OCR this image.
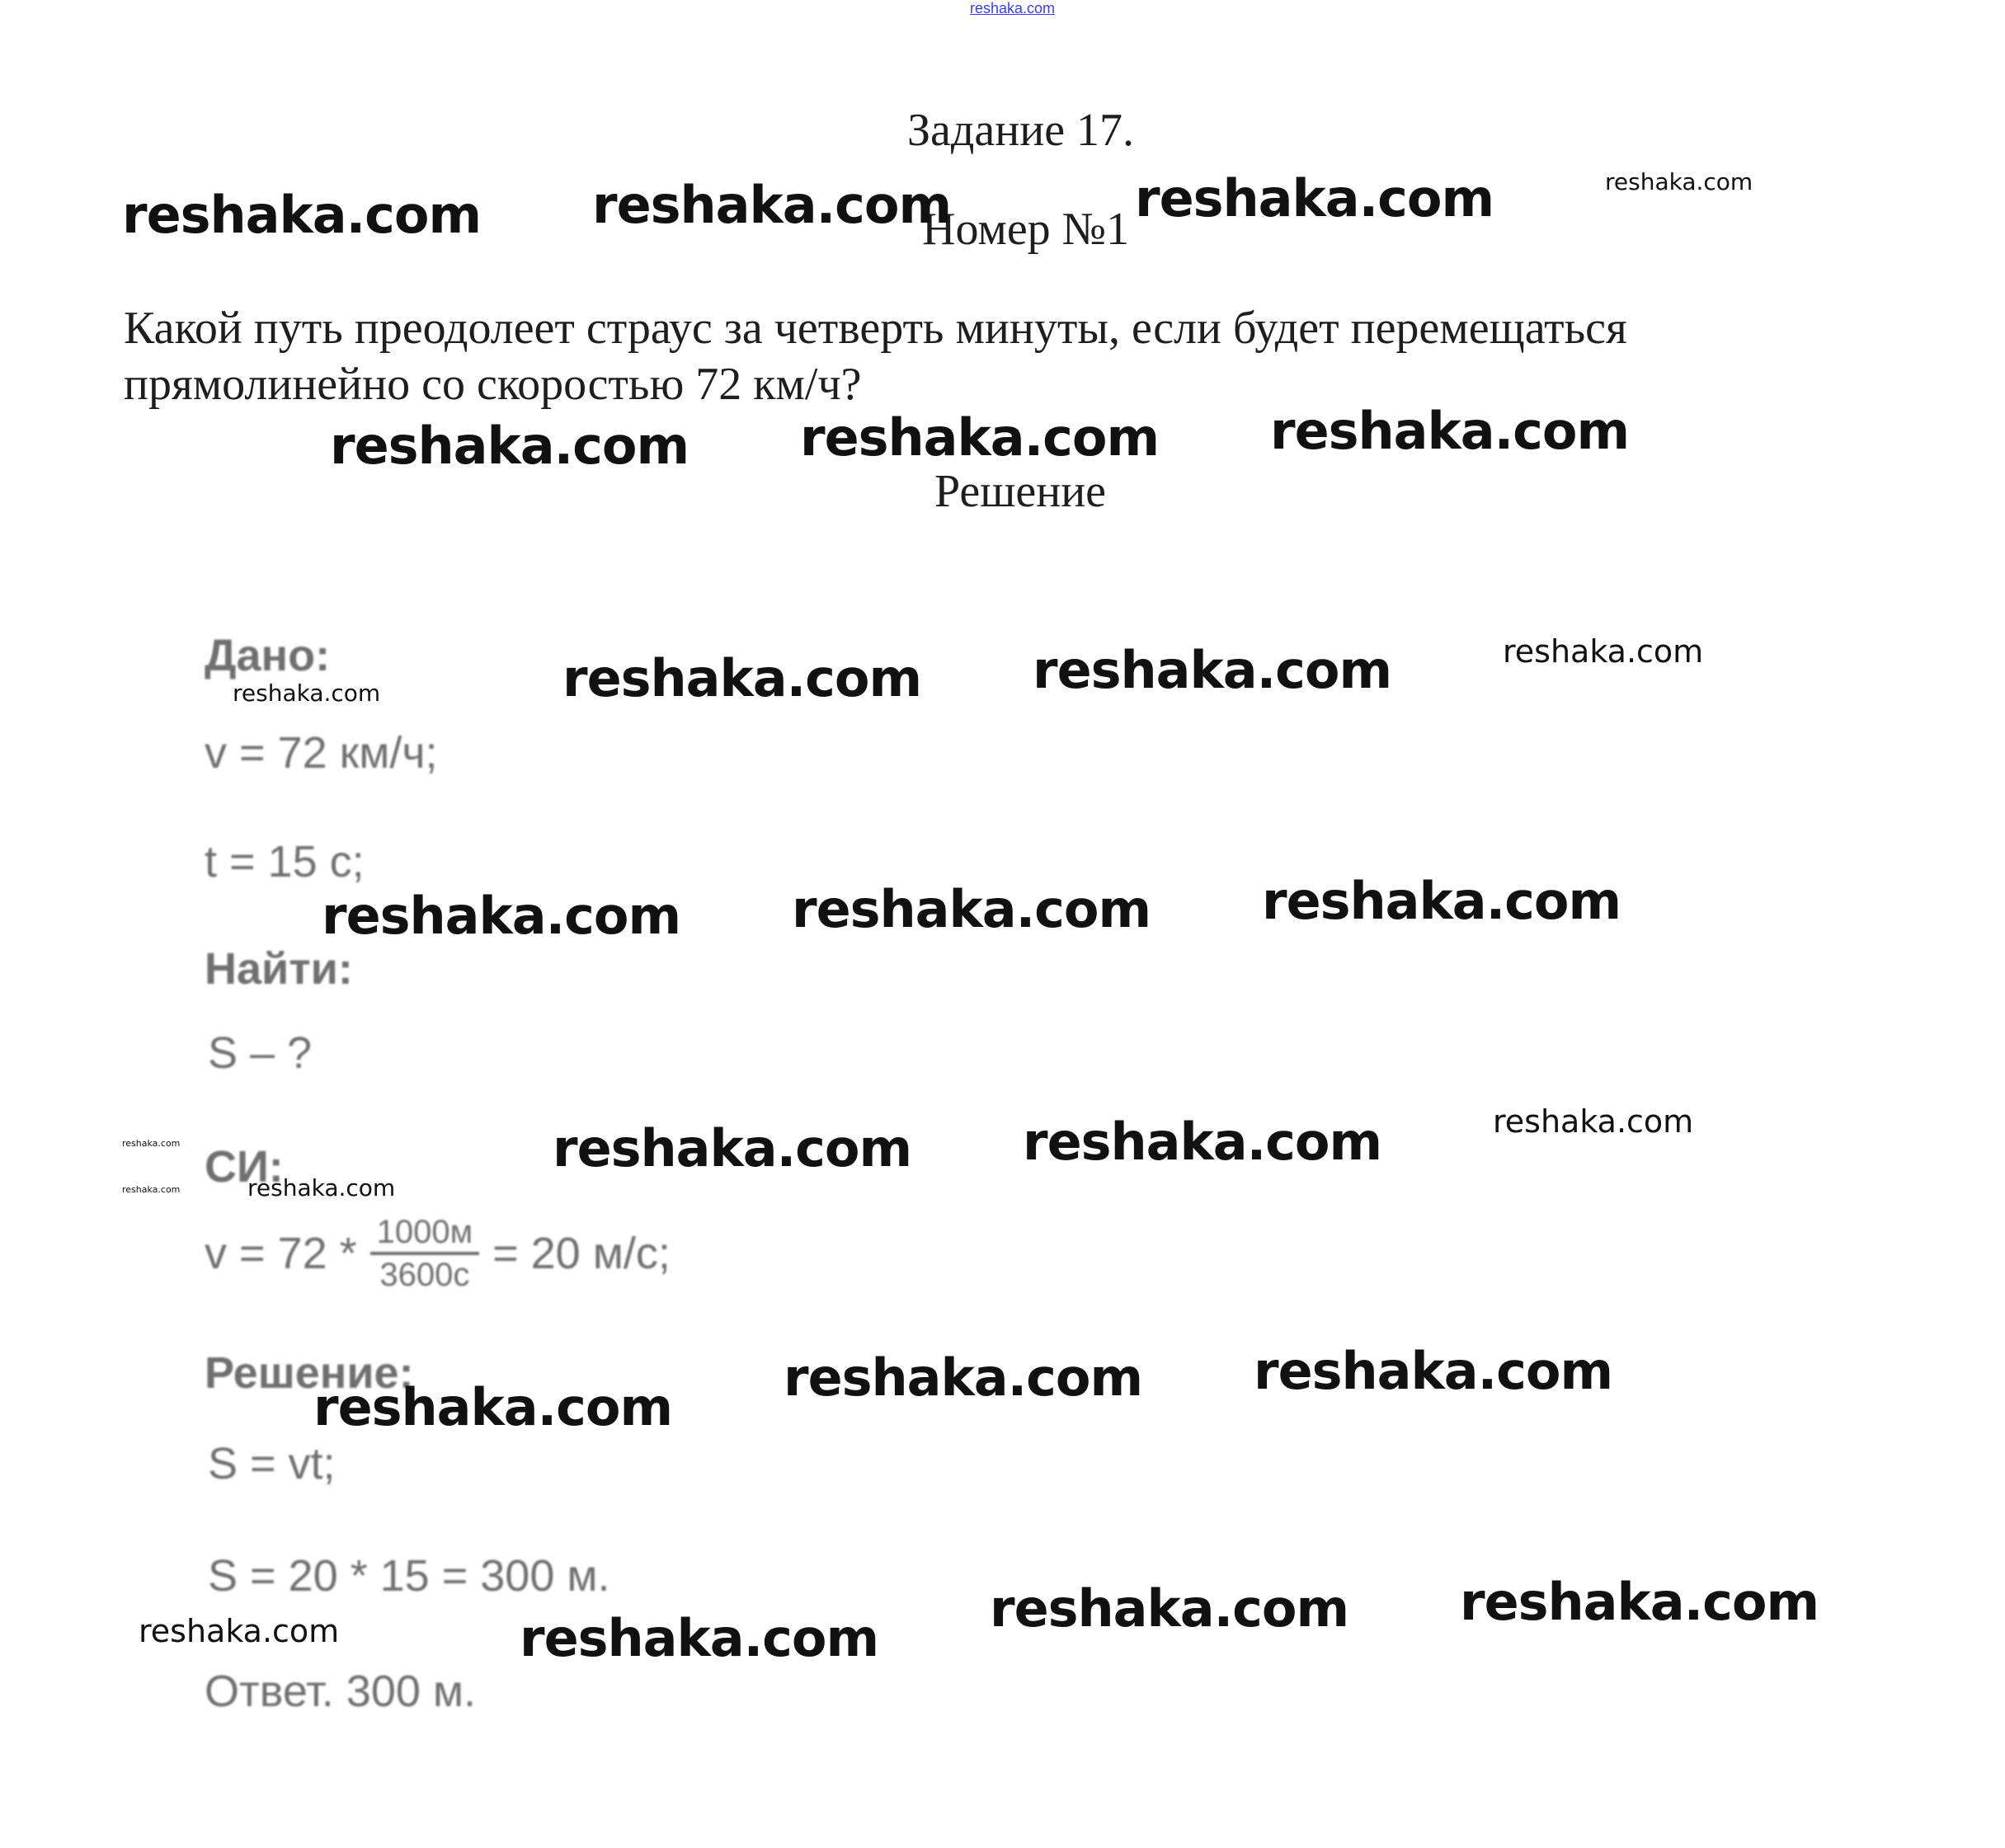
reshaka.com
Задание 17.
Номер №1
Какой путь преодолеет страус за четверть минуты, если будет перемещаться
прямолинейно со скоростью 72 км/ч?
Решение
Дано:
v = 72 км/ч;
t = 15 с;
Найти:
S – ?
СИ:
$v = 72 * \frac{1000м}{3600с} = 20$ м/с;
Решение:
S = vt;
S = 20 * 15 = 300 м.
Ответ. 300 м.
reshaka.com reshaka.com	reshaka.com	reshaka.com
reshaka.com reshaka.com reshaka.com
reshaka.com reshaka.com	reshaka.com
reshaka.com
reshaka.com reshaka.com reshaka.com
reshaka.com reshaka.com	reshaka.com
reshaka.com
reshaka.com
reshaka.com
reshaka.com reshaka.com reshaka.com
reshaka.com reshaka.com
reshaka.com
reshaka.com
